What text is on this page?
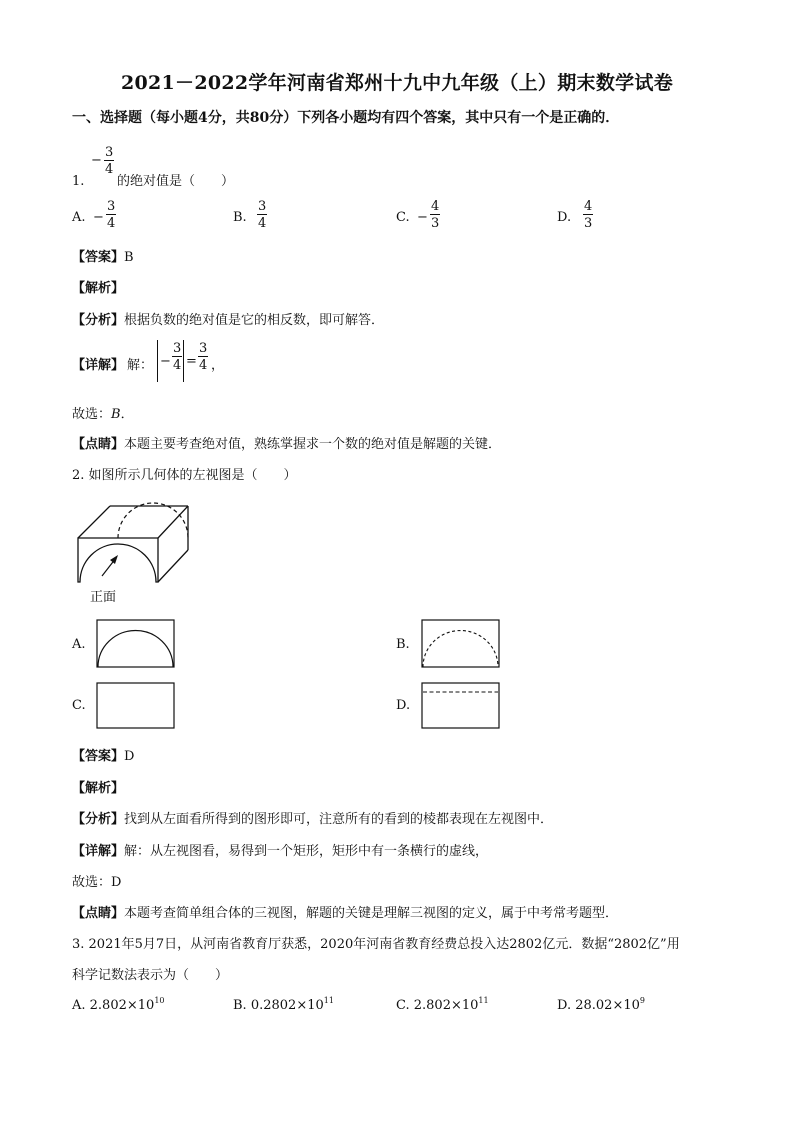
2021－2022学年河南省郑州十九中九年级（上）期末数学试卷
一、选择题（每小题4分，共80分）下列各小题均有四个答案，其中只有一个是正确的．
1.
− $\frac{3}{4}$
的绝对值是（　　）
A. − $\frac{3}{4}$	B. $\frac{3}{4}$	C. − $\frac{4}{3}$	D. $\frac{4}{3}$
【答案】B
【解析】
【分析】根据负数的绝对值是它的相反数，即可解答．
【详解】 解： − $\frac{3}{4} = \frac{3}{4}$ ，
故选：B．
【点睛】本题主要考查绝对值，熟练掌握求一个数的绝对值是解题的关键．
2. 如图所示几何体的左视图是（　　）
正面
A.	B.
C.	D.
【答案】D
【解析】
【分析】找到从左面看所得到的图形即可，注意所有的看到的棱都表现在左视图中．
【详解】解：从左视图看，易得到一个矩形，矩形中有一条横行的虚线，
故选：D
【点睛】本题考查简单组合体的三视图，解题的关键是理解三视图的定义，属于中考常考题型．
3. 2021年5月7日，从河南省教育厅获悉，2020年河南省教育经费总投入达2802亿元．数据“2802亿”用
科学记数法表示为（　　）
A. $2.802\times 10^{10}$	B. $0.2802\times 10^{11}$	C. $2.802\times 10^{11}$	D. $28.02\times 10^9$
